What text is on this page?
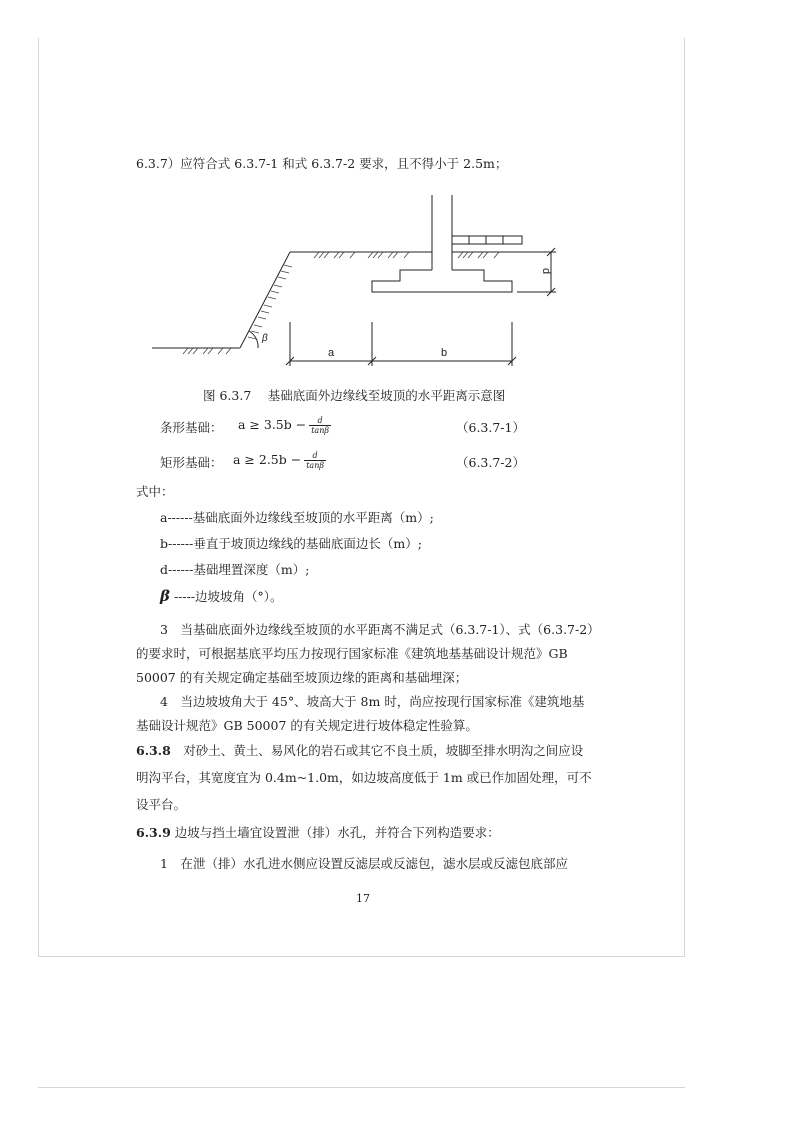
6.3.7）应符合式 6.3.7-1 和式 6.3.7-2 要求，且不得小于 2.5m；
β
a	b
d
图 6.3.7　 基础底面外边缘线至坡顶的水平距离示意图
条形基础： $a \ge 3.5b - \frac{d}{\tan\beta}$	（6.3.7-1）
矩形基础： $a \ge 2.5b - \frac{d}{\tan\beta}$	（6.3.7-2）
式中：
a------基础底面外边缘线至坡顶的水平距离（m）;
b------垂直于坡顶边缘线的基础底面边长（m）;
d------基础埋置深度（m）;
β -----边坡坡角（°）。
3　当基础底面外边缘线至坡顶的水平距离不满足式（6.3.7-1）、式（6.3.7-2）
的要求时，可根据基底平均压力按现行国家标准《建筑地基基础设计规范》GB
50007 的有关规定确定基础至坡顶边缘的距离和基础埋深；
4　当边坡坡角大于 45°、坡高大于 8m 时，尚应按现行国家标准《建筑地基
基础设计规范》GB 50007 的有关规定进行坡体稳定性验算。
6.3.8　对砂土、黄土、易风化的岩石或其它不良土质，坡脚至排水明沟之间应设
明沟平台，其宽度宜为 0.4m~1.0m，如边坡高度低于 1m 或已作加固处理，可不
设平台。
6.3.9 边坡与挡土墙宜设置泄（排）水孔，并符合下列构造要求：
1　在泄（排）水孔进水侧应设置反滤层或反滤包，滤水层或反滤包底部应
17
